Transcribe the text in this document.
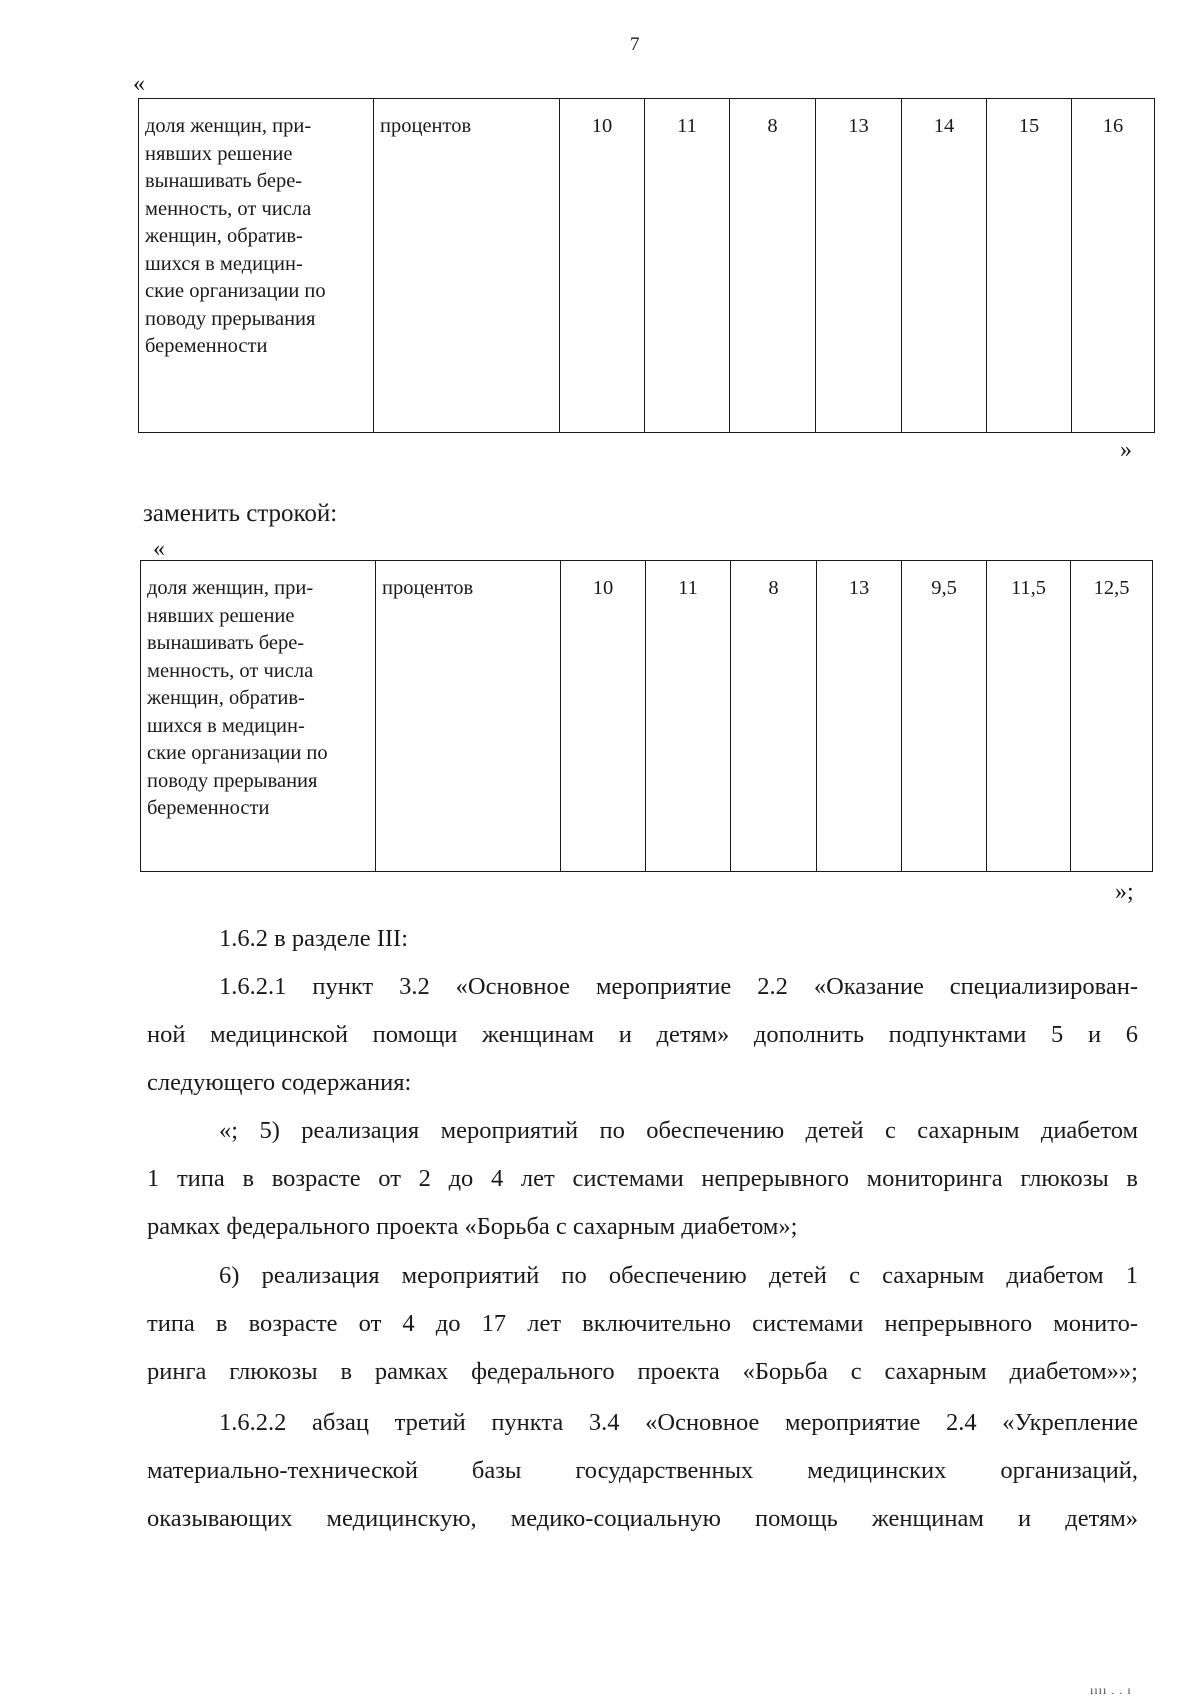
7
«
доля женщин, при-
нявших решение
вынашивать бере-
менность, от числа
женщин, обратив-
шихся в медицин-
ские организации по
поводу прерывания
беременности
	процентов	10	11	8	13	14	15	16
»
заменить строкой:
«
доля женщин, при-
нявших решение
вынашивать бере-
менность, от числа
женщин, обратив-
шихся в медицин-
ские организации по
поводу прерывания
беременности
	процентов	10	11	8	13	9,5	11,5	12,5
»;
1.6.2 в разделе III:
1.6.2.1 пункт 3.2 «Основное мероприятие 2.2 «Оказание специализирован-
ной медицинской помощи женщинам и детям» дополнить подпунктами 5 и 6
следующего содержания:
«; 5) реализация мероприятий по обеспечению детей с сахарным диабетом
1 типа в возрасте от 2 до 4 лет системами непрерывного мониторинга глюкозы в
рамках федерального проекта «Борьба с сахарным диабетом»;
6) реализация мероприятий по обеспечению детей с сахарным диабетом 1
типа в возрасте от 4 до 17 лет включительно системами непрерывного монито-
ринга глюкозы в рамках федерального проекта «Борьба с сахарным диабетом»»;
1.6.2.2 абзац третий пункта 3.4 «Основное мероприятие 2.4 «Укрепление
материально-технической базы государственных медицинских организаций,
оказывающих медицинскую, медико-социальную помощь женщинам и детям»
ıııı . . ı
